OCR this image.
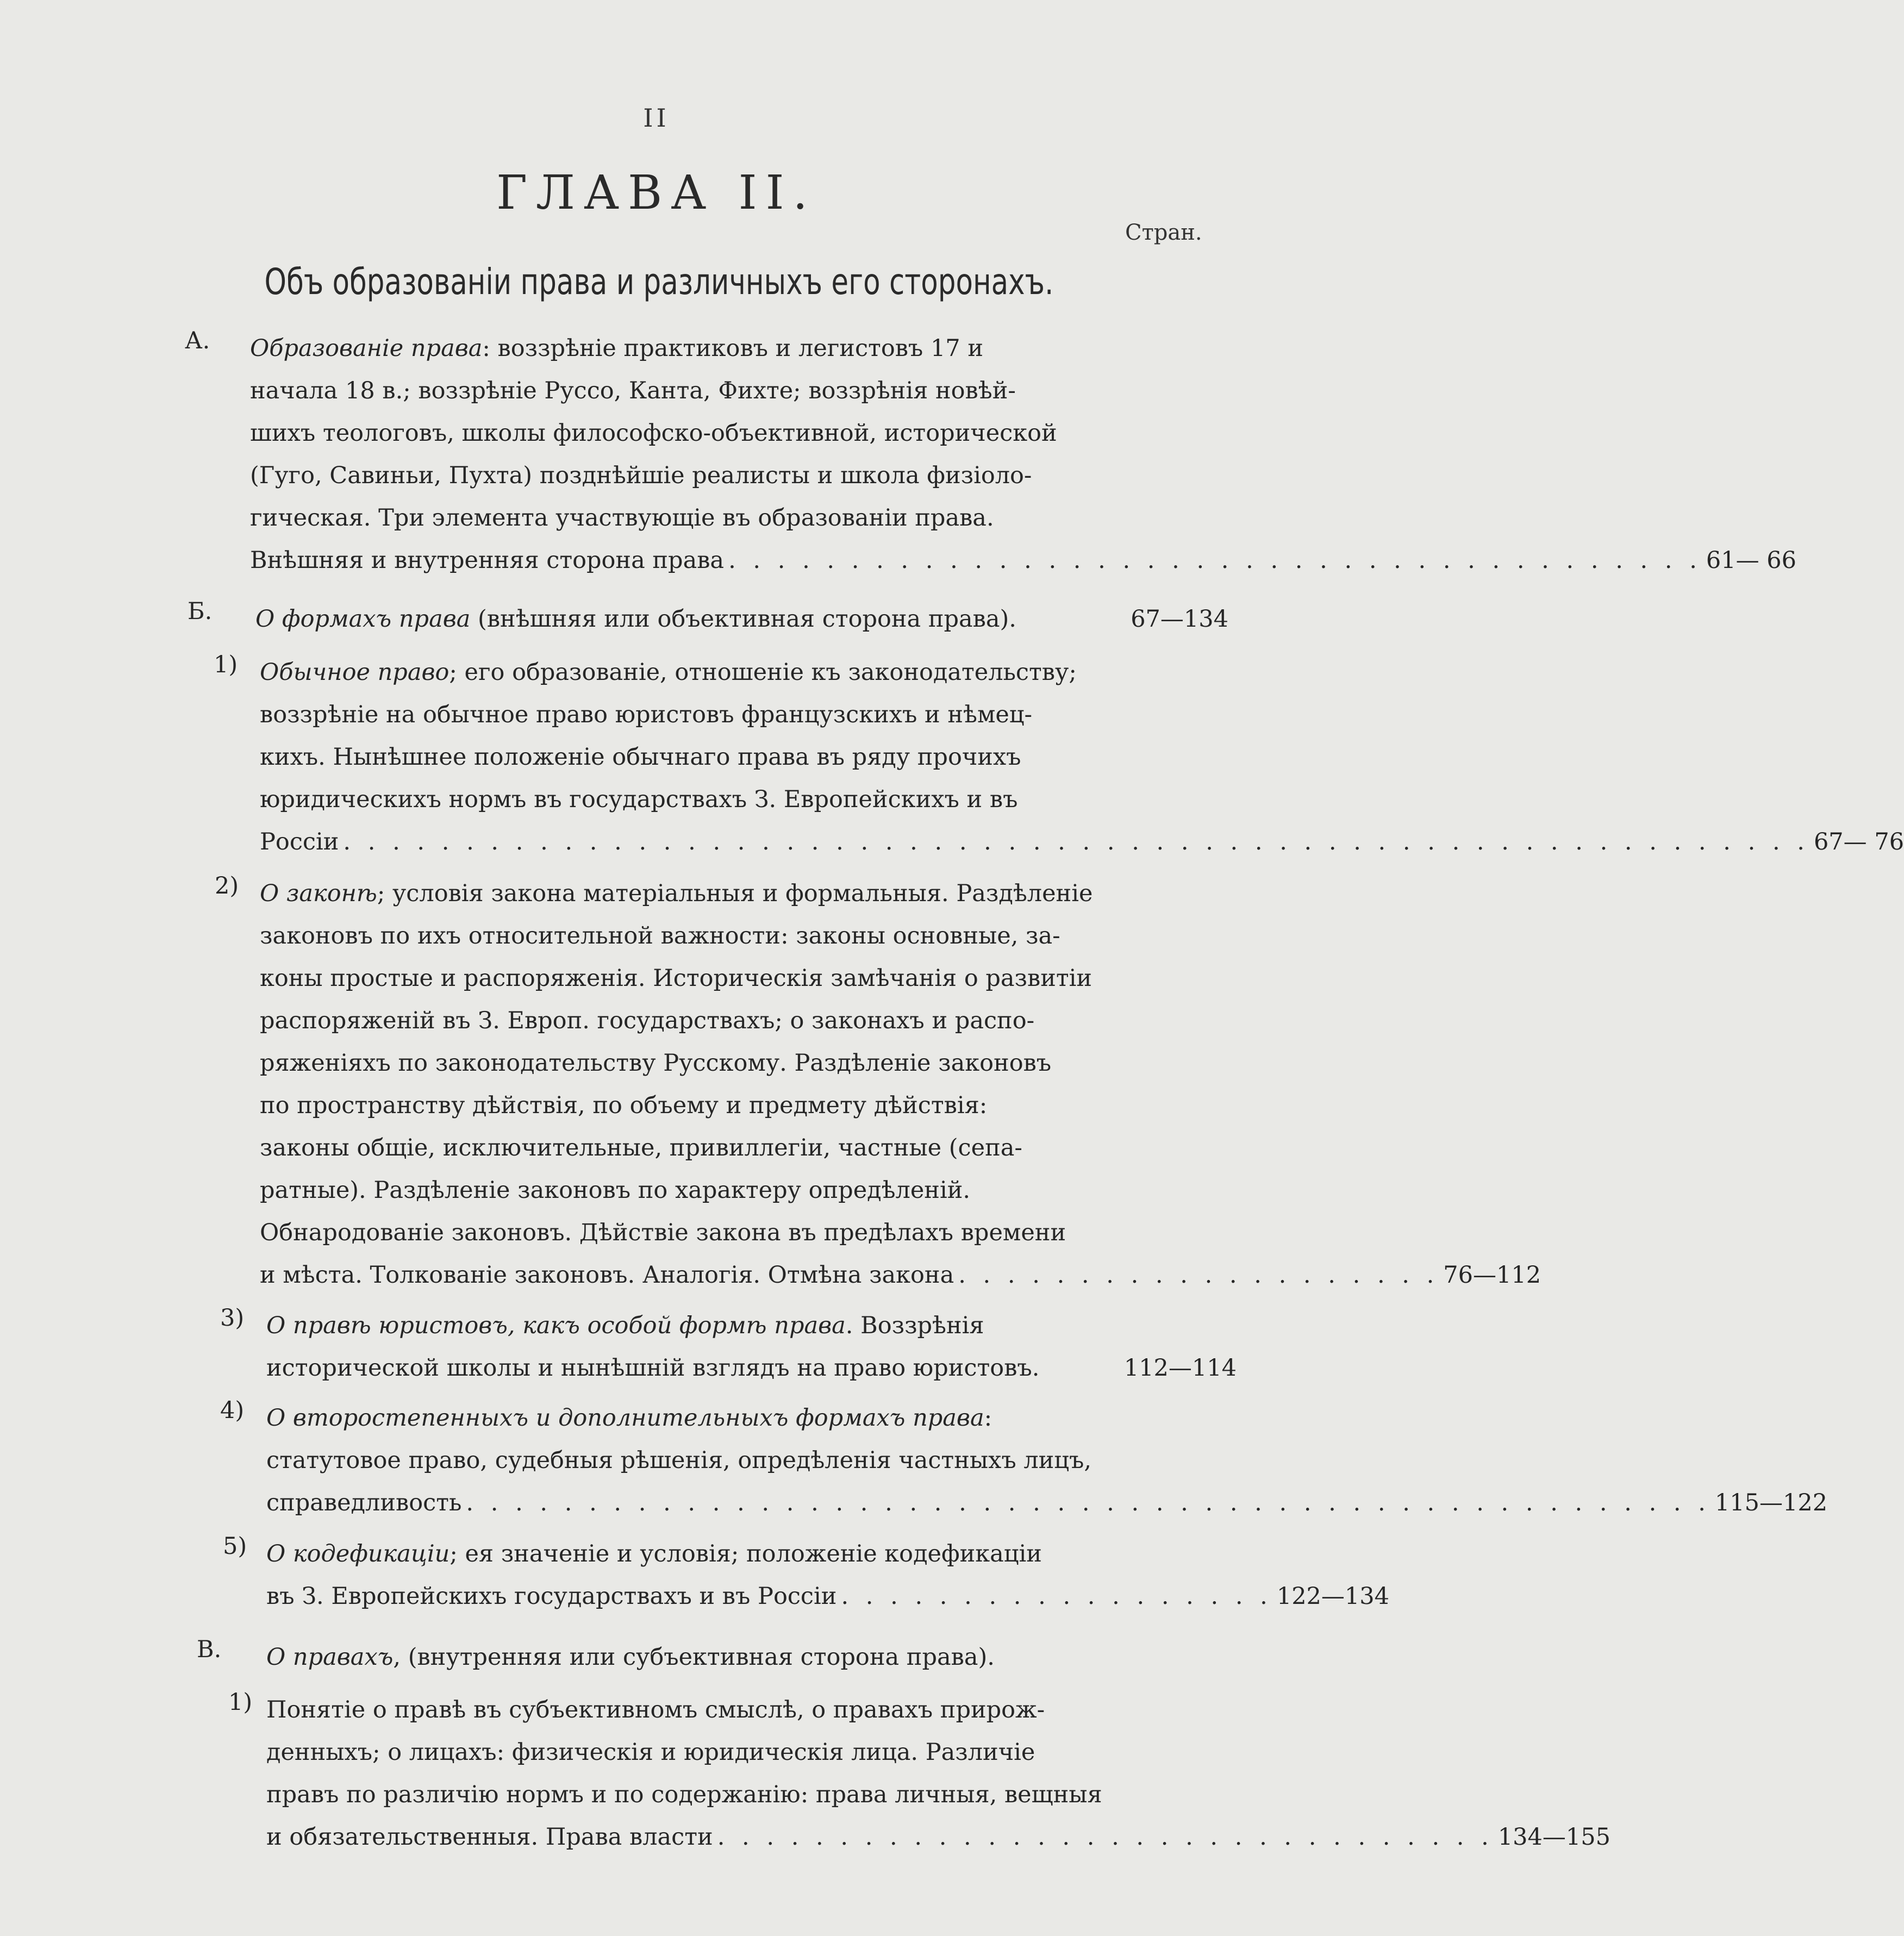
II
ГЛАВА II.
Стран.
Объ образованіи права и различныхъ его сторонахъ.
А. Образованіе права : воззрѣніе практиковъ и легистовъ 17 и
начала 18 в.; воззрѣніе Руссо, Канта, Фихте; воззрѣнія новѣй-
шихъ теологовъ, школы философско-объективной, исторической
(Гуго, Савиньи, Пухта) позднѣйшіе реалисты и школа физіоло-
гическая. Три элемента участвующіе въ образованіи права.
Внѣшняя и внутренняя сторона права . . . . . . . . . . . . . . . . . . . . . . . . . . . . . . . . . . . . . . . . 61— 66
Б. О формахъ права (внѣшняя или объективная сторона права).	67—134
1) Обычное право ; его образованіе, отношеніе къ законодательству;
воззрѣніе на обычное право юристовъ французскихъ и нѣмец-
кихъ. Нынѣшнее положеніе обычнаго права въ ряду прочихъ
юридическихъ нормъ въ государствахъ З. Европейскихъ и въ
Россіи . . . . . . . . . . . . . . . . . . . . . . . . . . . . . . . . . . . . . . . . . . . . . . . . . . . . . . . . . . . . 67— 76
2) О законѣ ; условія закона матеріальныя и формальныя. Раздѣленіе
законовъ по ихъ относительной важности: законы основные, за-
коны простые и распоряженія. Историческія замѣчанія о развитіи
распоряженій въ З. Европ. государствахъ; о законахъ и распо-
ряженіяхъ по законодательству Русскому. Раздѣленіе законовъ
по пространству дѣйствія, по объему и предмету дѣйствія:
законы общіе, исключительные, привиллегіи, частные (сепа-
ратные). Раздѣленіе законовъ по характеру опредѣленій.
Обнародованіе законовъ. Дѣйствіе закона въ предѣлахъ времени
и мѣста. Толкованіе законовъ. Аналогія. Отмѣна закона . . . . . . . . . . . . . . . . . . . . 76—112
3) О правѣ юристовъ, какъ особой формѣ права . Воззрѣнія
исторической школы и нынѣшній взглядъ на право юристовъ.	112—114
4) О второстепенныхъ и дополнительныхъ формахъ права :
статутовое право, судебныя рѣшенія, опредѣленія частныхъ лицъ,
справедливость . . . . . . . . . . . . . . . . . . . . . . . . . . . . . . . . . . . . . . . . . . . . . . . . . . . 115—122
5) О кодефикаціи ; ея значеніе и условія; положеніе кодефикаціи
въ З. Европейскихъ государствахъ и въ Россіи . . . . . . . . . . . . . . . . . . 122—134
В. О правахъ , (внутренняя или субъективная сторона права).
1) Понятіе о правѣ въ субъективномъ смыслѣ, о правахъ прирож-
денныхъ; о лицахъ: физическія и юридическія лица. Различіе
правъ по различію нормъ и по содержанію: права личныя, вещныя
и обязательственныя. Права власти . . . . . . . . . . . . . . . . . . . . . . . . . . . . . . . . 134—155
